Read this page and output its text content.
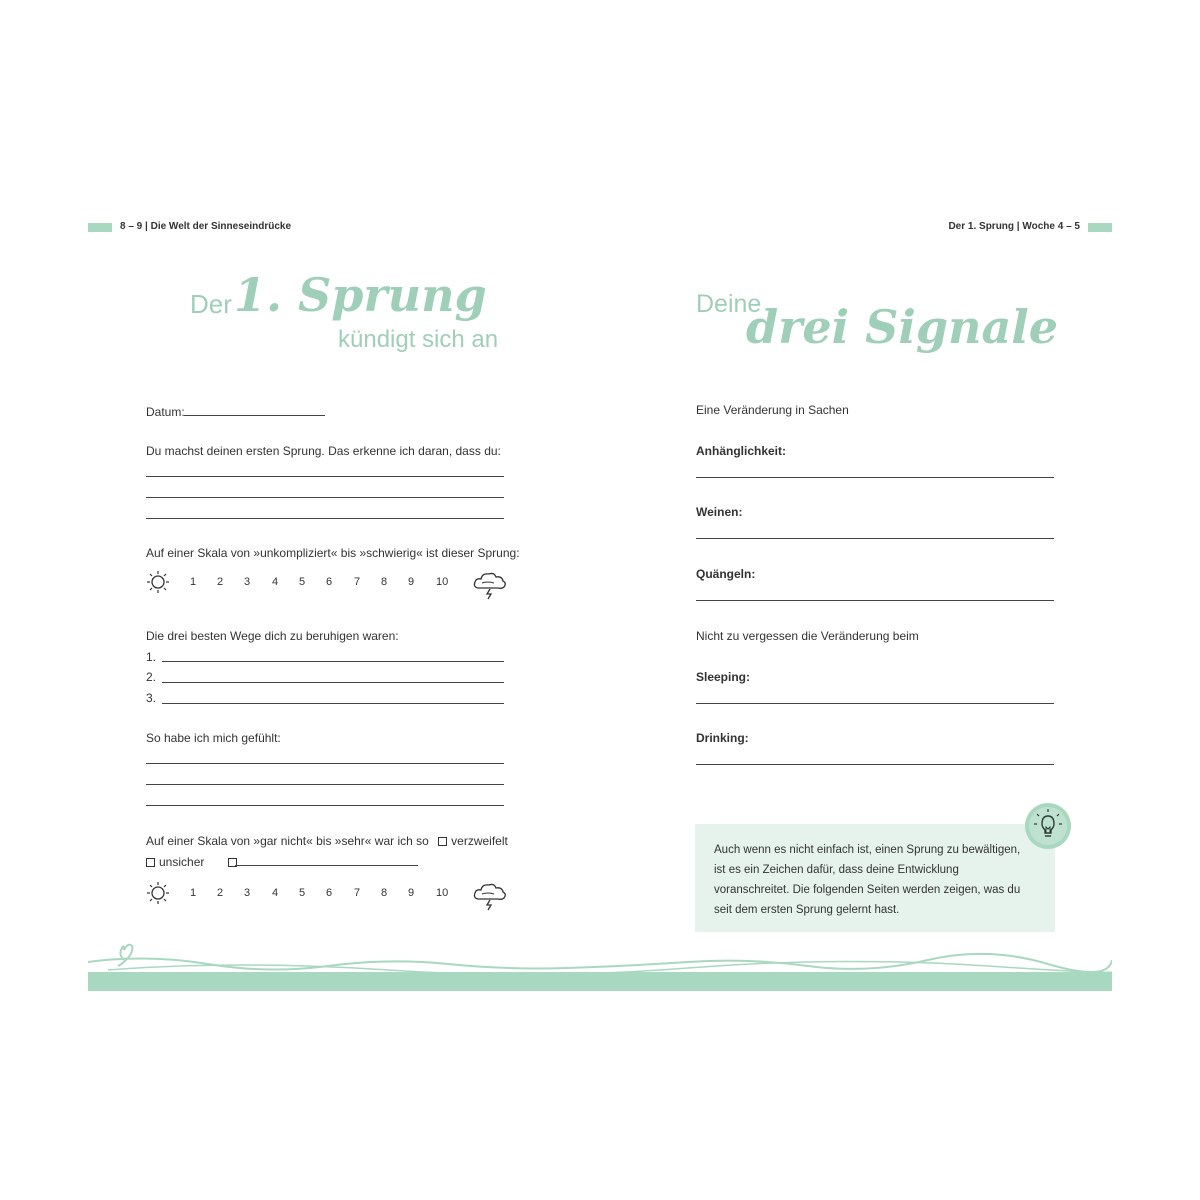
8 – 9 | Die Welt der Sinneseindrücke	Der 1. Sprung | Woche 4 – 5
Der 1. Sprung
kündigt sich an
Datum:
Du machst deinen ersten Sprung. Das erkenne ich daran, dass du:
Auf einer Skala von »unkompliziert« bis »schwierig« ist dieser Sprung:
1 2 3 4 5 6 7 8 9 10
Die drei besten Wege dich zu beruhigen waren:
1.
2.
3.
So habe ich mich gefühlt:
Auf einer Skala von »gar nicht« bis »sehr« war ich so verzweifelt
unsicher
1 2 3 4 5 6 7 8 9 10
Deine
drei Signale
Eine Veränderung in Sachen
Anhänglichkeit:
Weinen:
Quängeln:
Nicht zu vergessen die Veränderung beim
Sleeping:
Drinking:
Auch wenn es nicht einfach ist, einen Sprung zu bewältigen, ist es ein Zeichen dafür, dass deine Entwicklung voranschreitet. Die folgenden Seiten werden zeigen, was du seit dem ersten Sprung gelernt hast.
